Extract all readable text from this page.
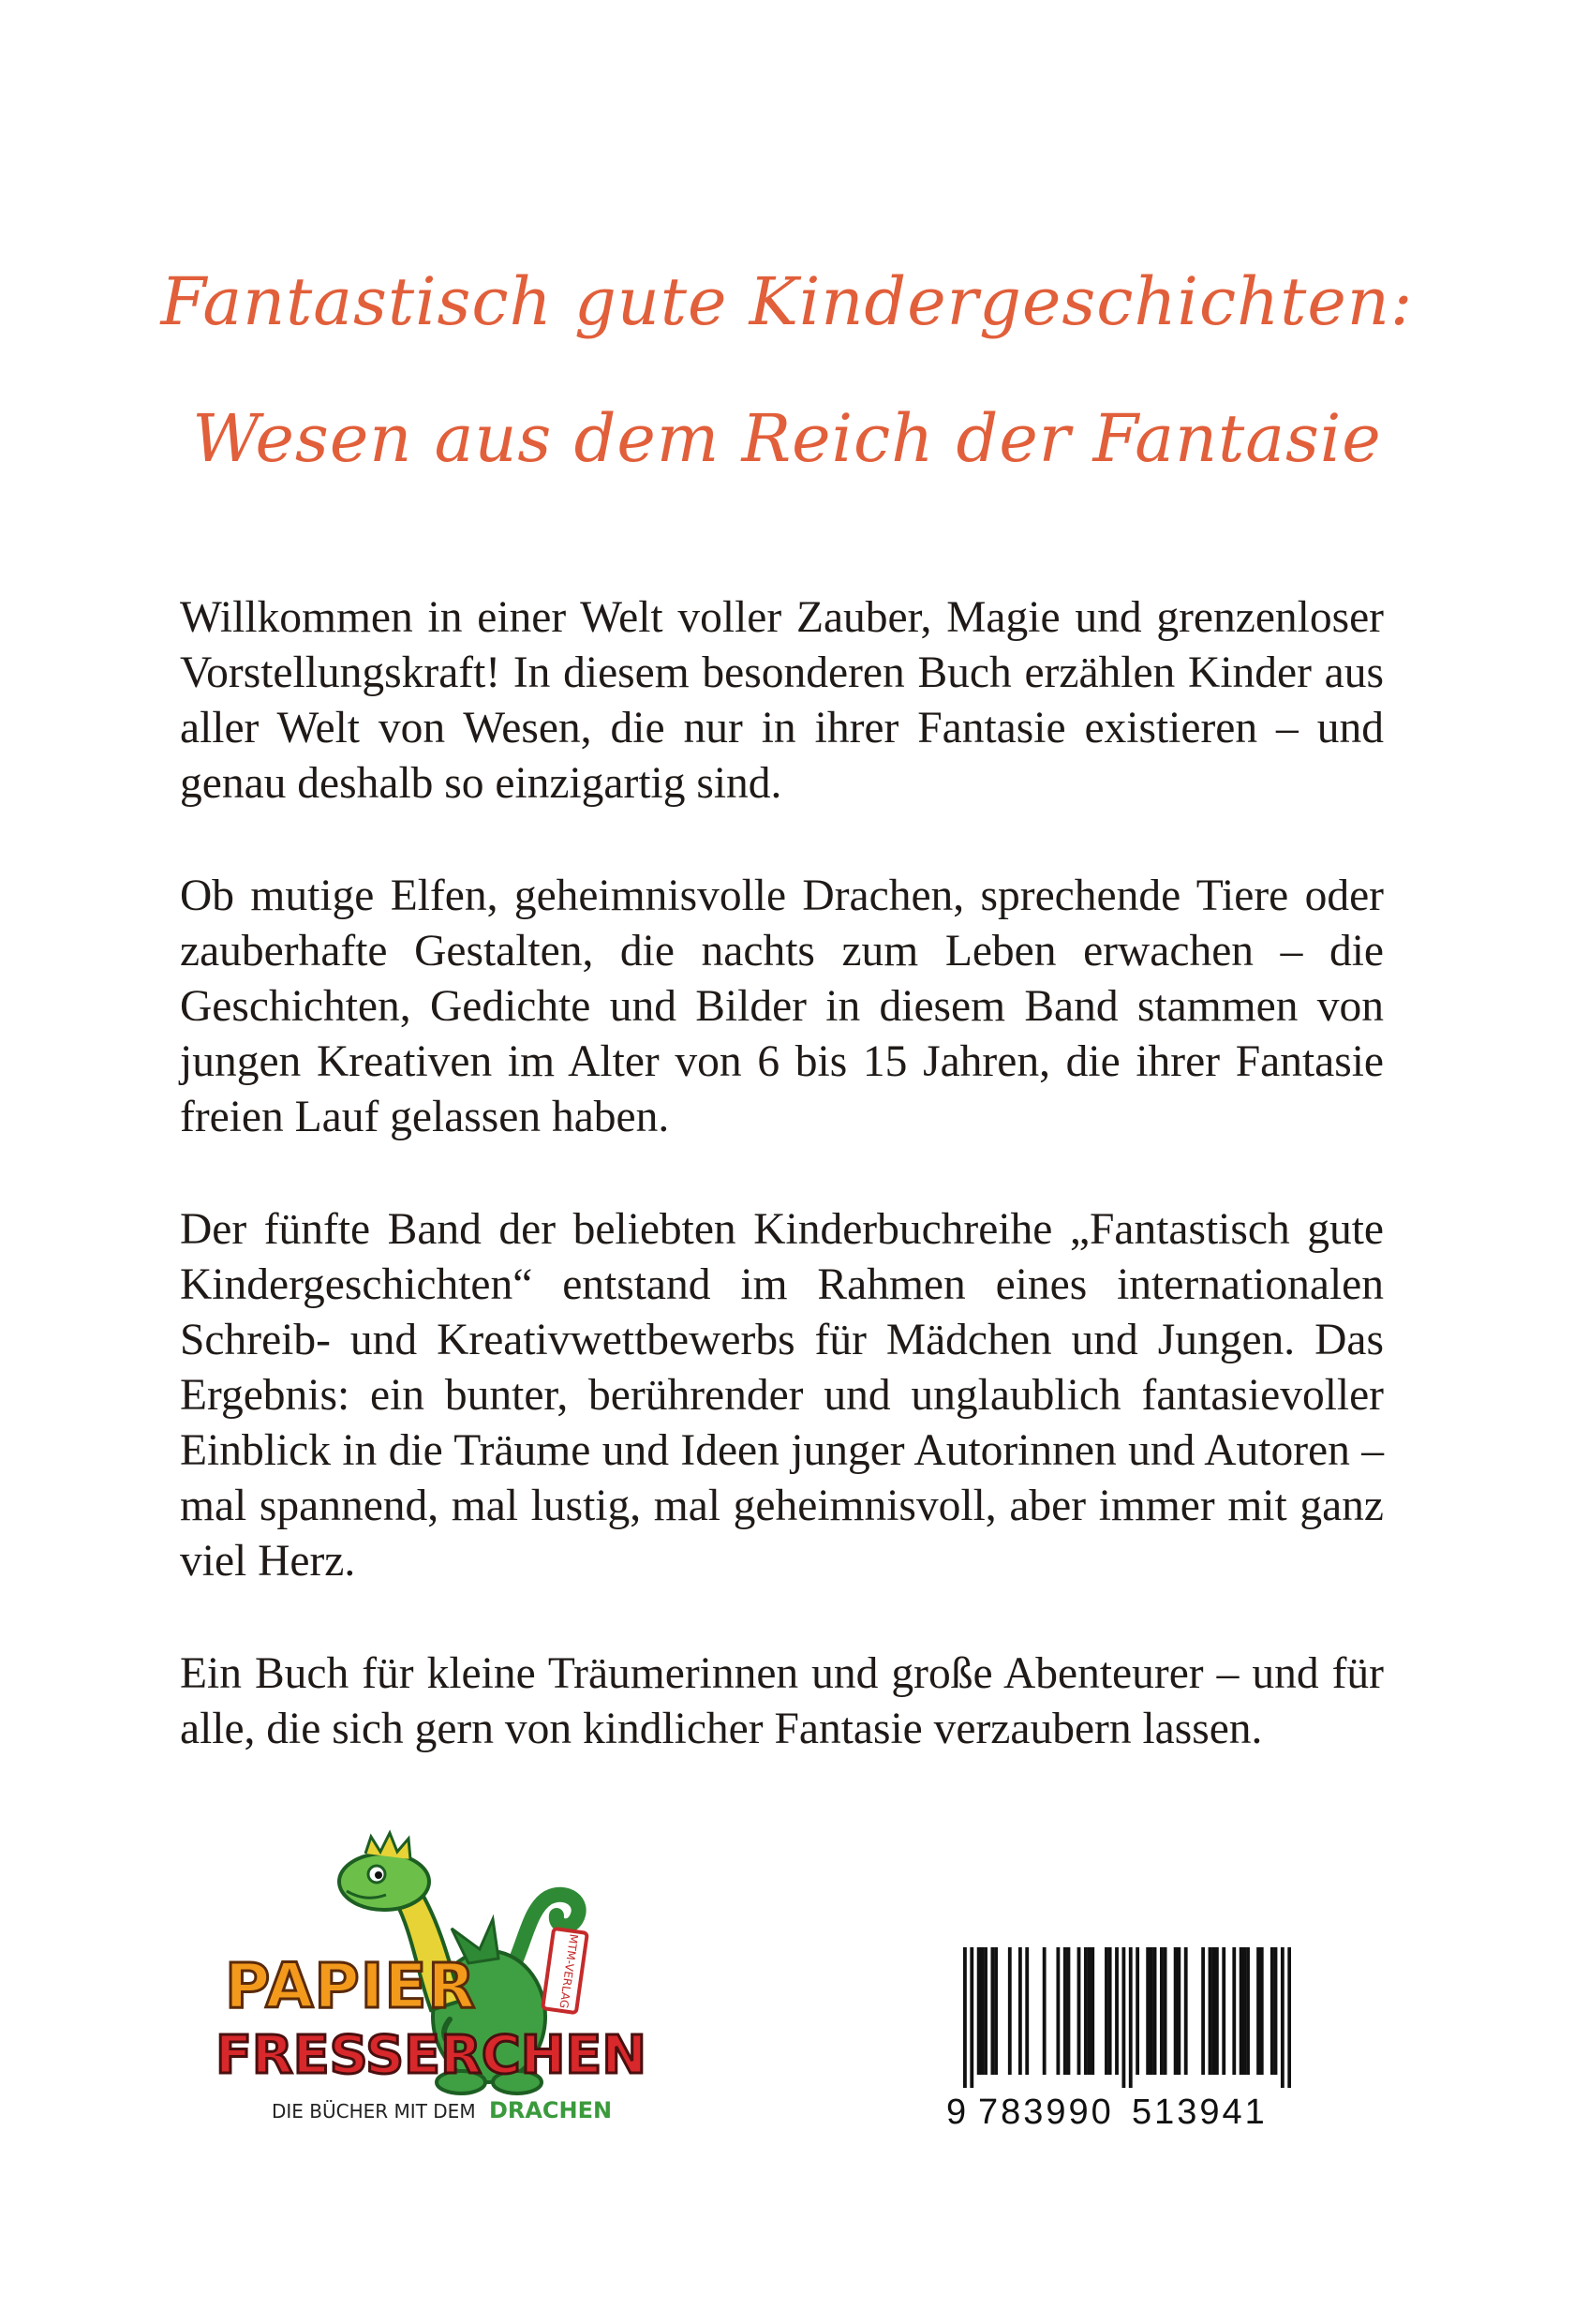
Fantastisch gute Kindergeschichten:
Wesen aus dem Reich der Fantasie

Willkommen in einer Welt voller Zauber, Magie und grenzenloser Vorstellungskraft! In diesem besonderen Buch erzählen Kinder aus aller Welt von Wesen, die nur in ihrer Fantasie existieren – und genau deshalb so einzigartig sind.

Ob mutige Elfen, geheimnisvolle Drachen, sprechende Tiere oder zauberhafte Gestalten, die nachts zum Leben erwachen – die Geschichten, Gedichte und Bilder in diesem Band stammen von jungen Kreativen im Alter von 6 bis 15 Jahren, die ihrer Fantasie freien Lauf gelassen haben.

Der fünfte Band der beliebten Kinderbuchreihe „Fantastisch gute Kindergeschichten“ entstand im Rahmen eines internationalen Schreib- und Kreativwettbewerbs für Mädchen und Jungen. Das Ergebnis: ein bunter, berührender und unglaublich fantasievoller Einblick in die Träume und Ideen junger Autorinnen und Autoren – mal spannend, mal lustig, mal geheimnisvoll, aber immer mit ganz viel Herz.

Ein Buch für kleine Träumerinnen und große Abenteurer – und für alle, die sich gern von kindlicher Fantasie verzaubern lassen.

MTM-VERLAG
PAPIER
FRESSERCHEN
DIE BÜCHER MIT DEM DRACHEN	9 783990 513941
